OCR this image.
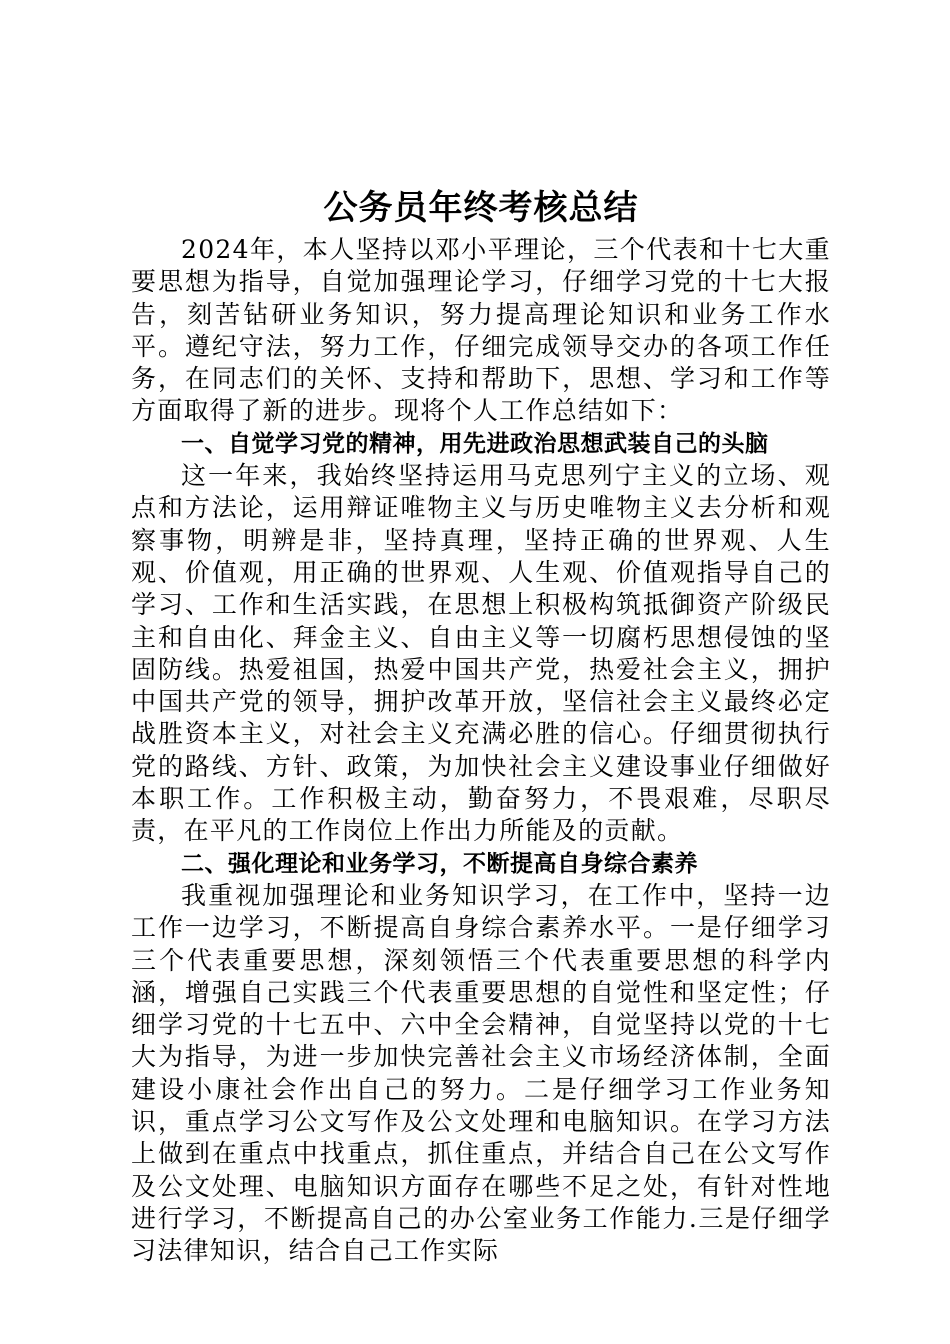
公务员年终考核总结

2024年，本人坚持以邓小平理论，三个代表和十七大重要思想为指导，自觉加强理论学习，仔细学习党的十七大报告，刻苦钻研业务知识，努力提高理论知识和业务工作水平。遵纪守法，努力工作，仔细完成领导交办的各项工作任务，在同志们的关怀、支持和帮助下，思想、学习和工作等方面取得了新的进步。现将个人工作总结如下：

一、自觉学习党的精神，用先进政治思想武装自己的头脑

这一年来，我始终坚持运用马克思列宁主义的立场、观点和方法论，运用辩证唯物主义与历史唯物主义去分析和观察事物，明辨是非，坚持真理，坚持正确的世界观、人生观、价值观，用正确的世界观、人生观、价值观指导自己的学习、工作和生活实践，在思想上积极构筑抵御资产阶级民主和自由化、拜金主义、自由主义等一切腐朽思想侵蚀的坚固防线。热爱祖国，热爱中国共产党，热爱社会主义，拥护中国共产党的领导，拥护改革开放，坚信社会主义最终必定战胜资本主义，对社会主义充满必胜的信心。仔细贯彻执行党的路线、方针、政策，为加快社会主义建设事业仔细做好本职工作。工作积极主动，勤奋努力，不畏艰难，尽职尽责，在平凡的工作岗位上作出力所能及的贡献。

二、强化理论和业务学习，不断提高自身综合素养

我重视加强理论和业务知识学习，在工作中，坚持一边工作一边学习，不断提高自身综合素养水平。一是仔细学习三个代表重要思想，深刻领悟三个代表重要思想的科学内涵，增强自己实践三个代表重要思想的自觉性和坚定性；仔细学习党的十七五中、六中全会精神，自觉坚持以党的十七大为指导，为进一步加快完善社会主义市场经济体制，全面建设小康社会作出自己的努力。二是仔细学习工作业务知识，重点学习公文写作及公文处理和电脑知识。在学习方法上做到在重点中找重点，抓住重点，并结合自己在公文写作及公文处理、电脑知识方面存在哪些不足之处，有针对性地进行学习，不断提高自己的办公室业务工作能力.三是仔细学习法律知识，结合自己工作实际
